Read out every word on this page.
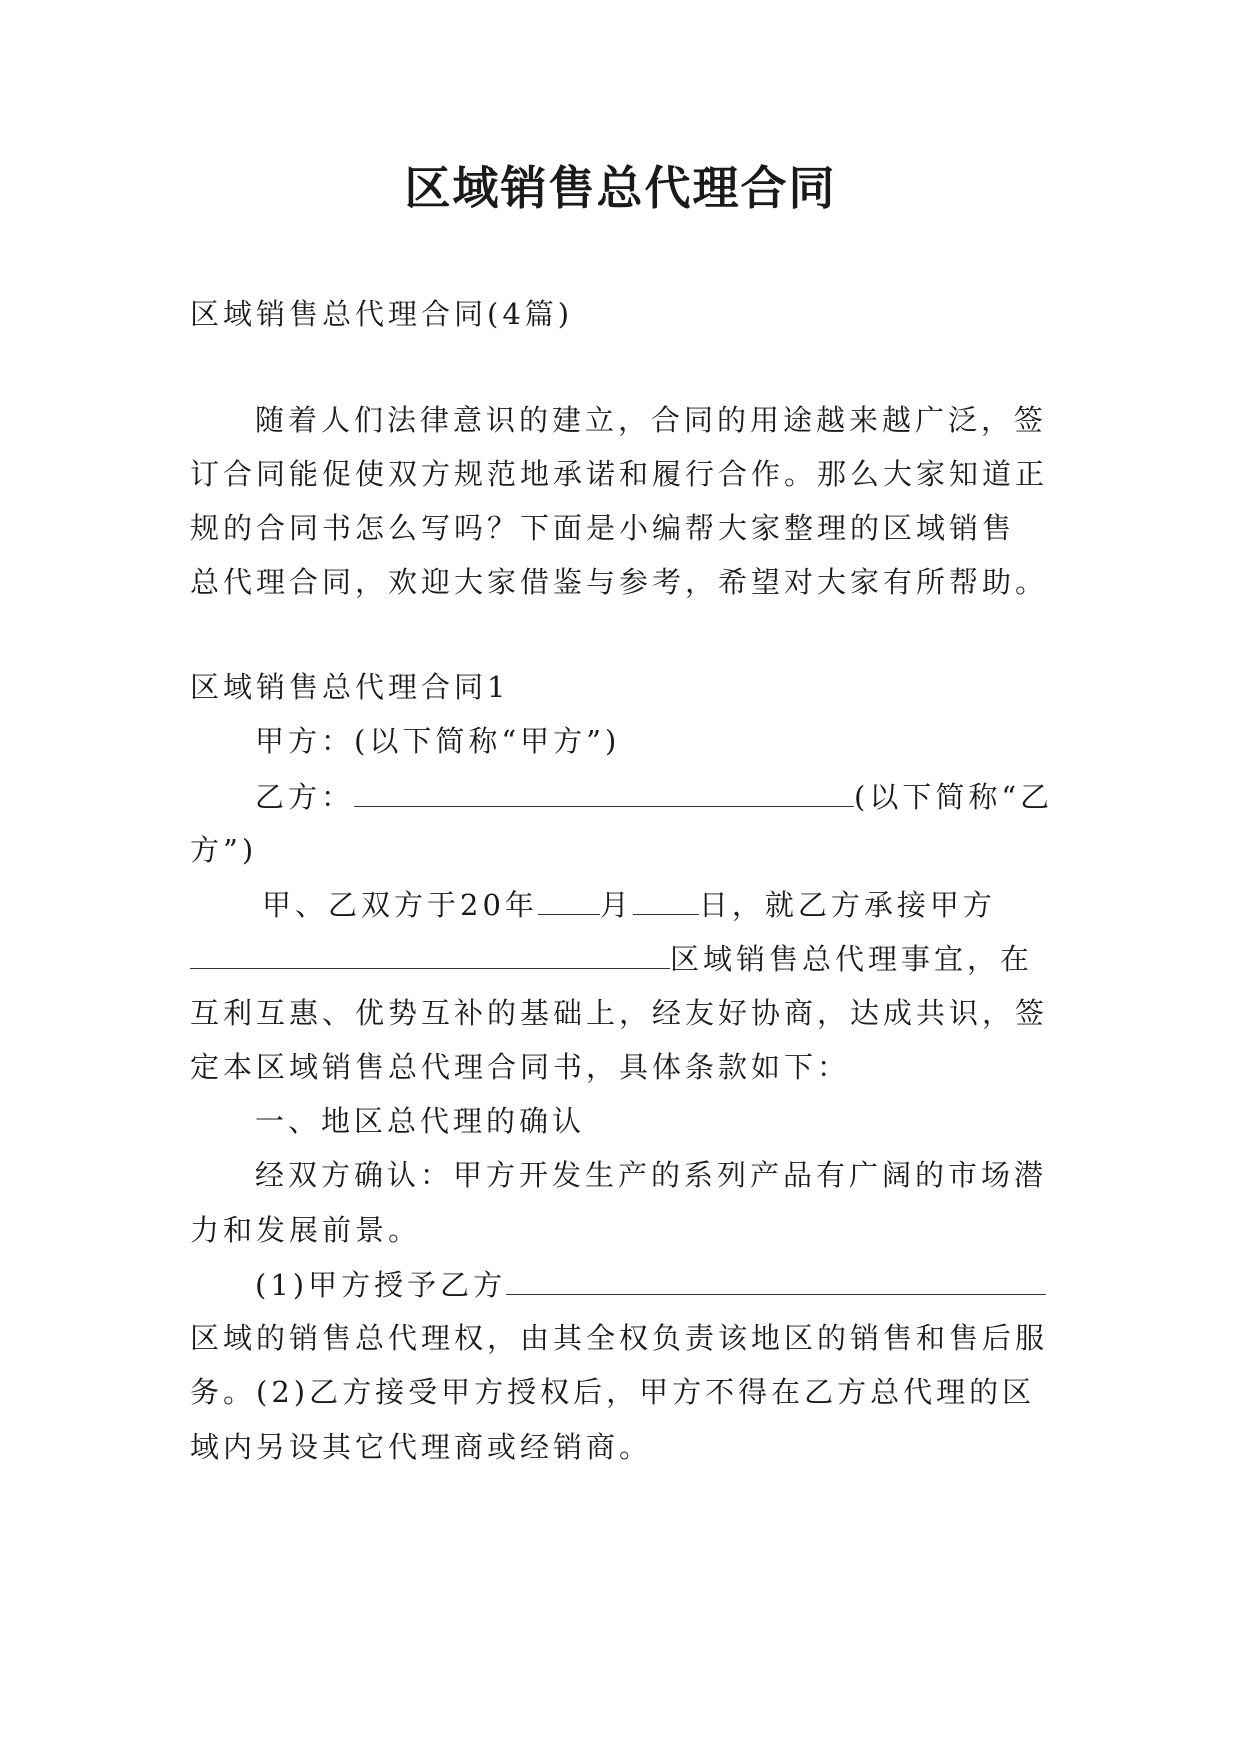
区域销售总代理合同
区域销售总代理合同(4篇)
随着人们法律意识的建立，合同的用途越来越广泛，签
订合同能促使双方规范地承诺和履行合作。那么大家知道正
规的合同书怎么写吗？下面是小编帮大家整理的区域销售
总代理合同，欢迎大家借鉴与参考，希望对大家有所帮助。
区域销售总代理合同1
甲方：(以下简称“甲方”)
乙方：	(以下简称“乙
方”)
甲、乙双方于20年 月 日，就乙方承接甲方
区域销售总代理事宜，在
互利互惠、优势互补的基础上，经友好协商，达成共识，签
定本区域销售总代理合同书，具体条款如下：
一、地区总代理的确认
经双方确认：甲方开发生产的系列产品有广阔的市场潜
力和发展前景。
(1)甲方授予乙方
区域的销售总代理权，由其全权负责该地区的销售和售后服
务。(2)乙方接受甲方授权后，甲方不得在乙方总代理的区
域内另设其它代理商或经销商。
